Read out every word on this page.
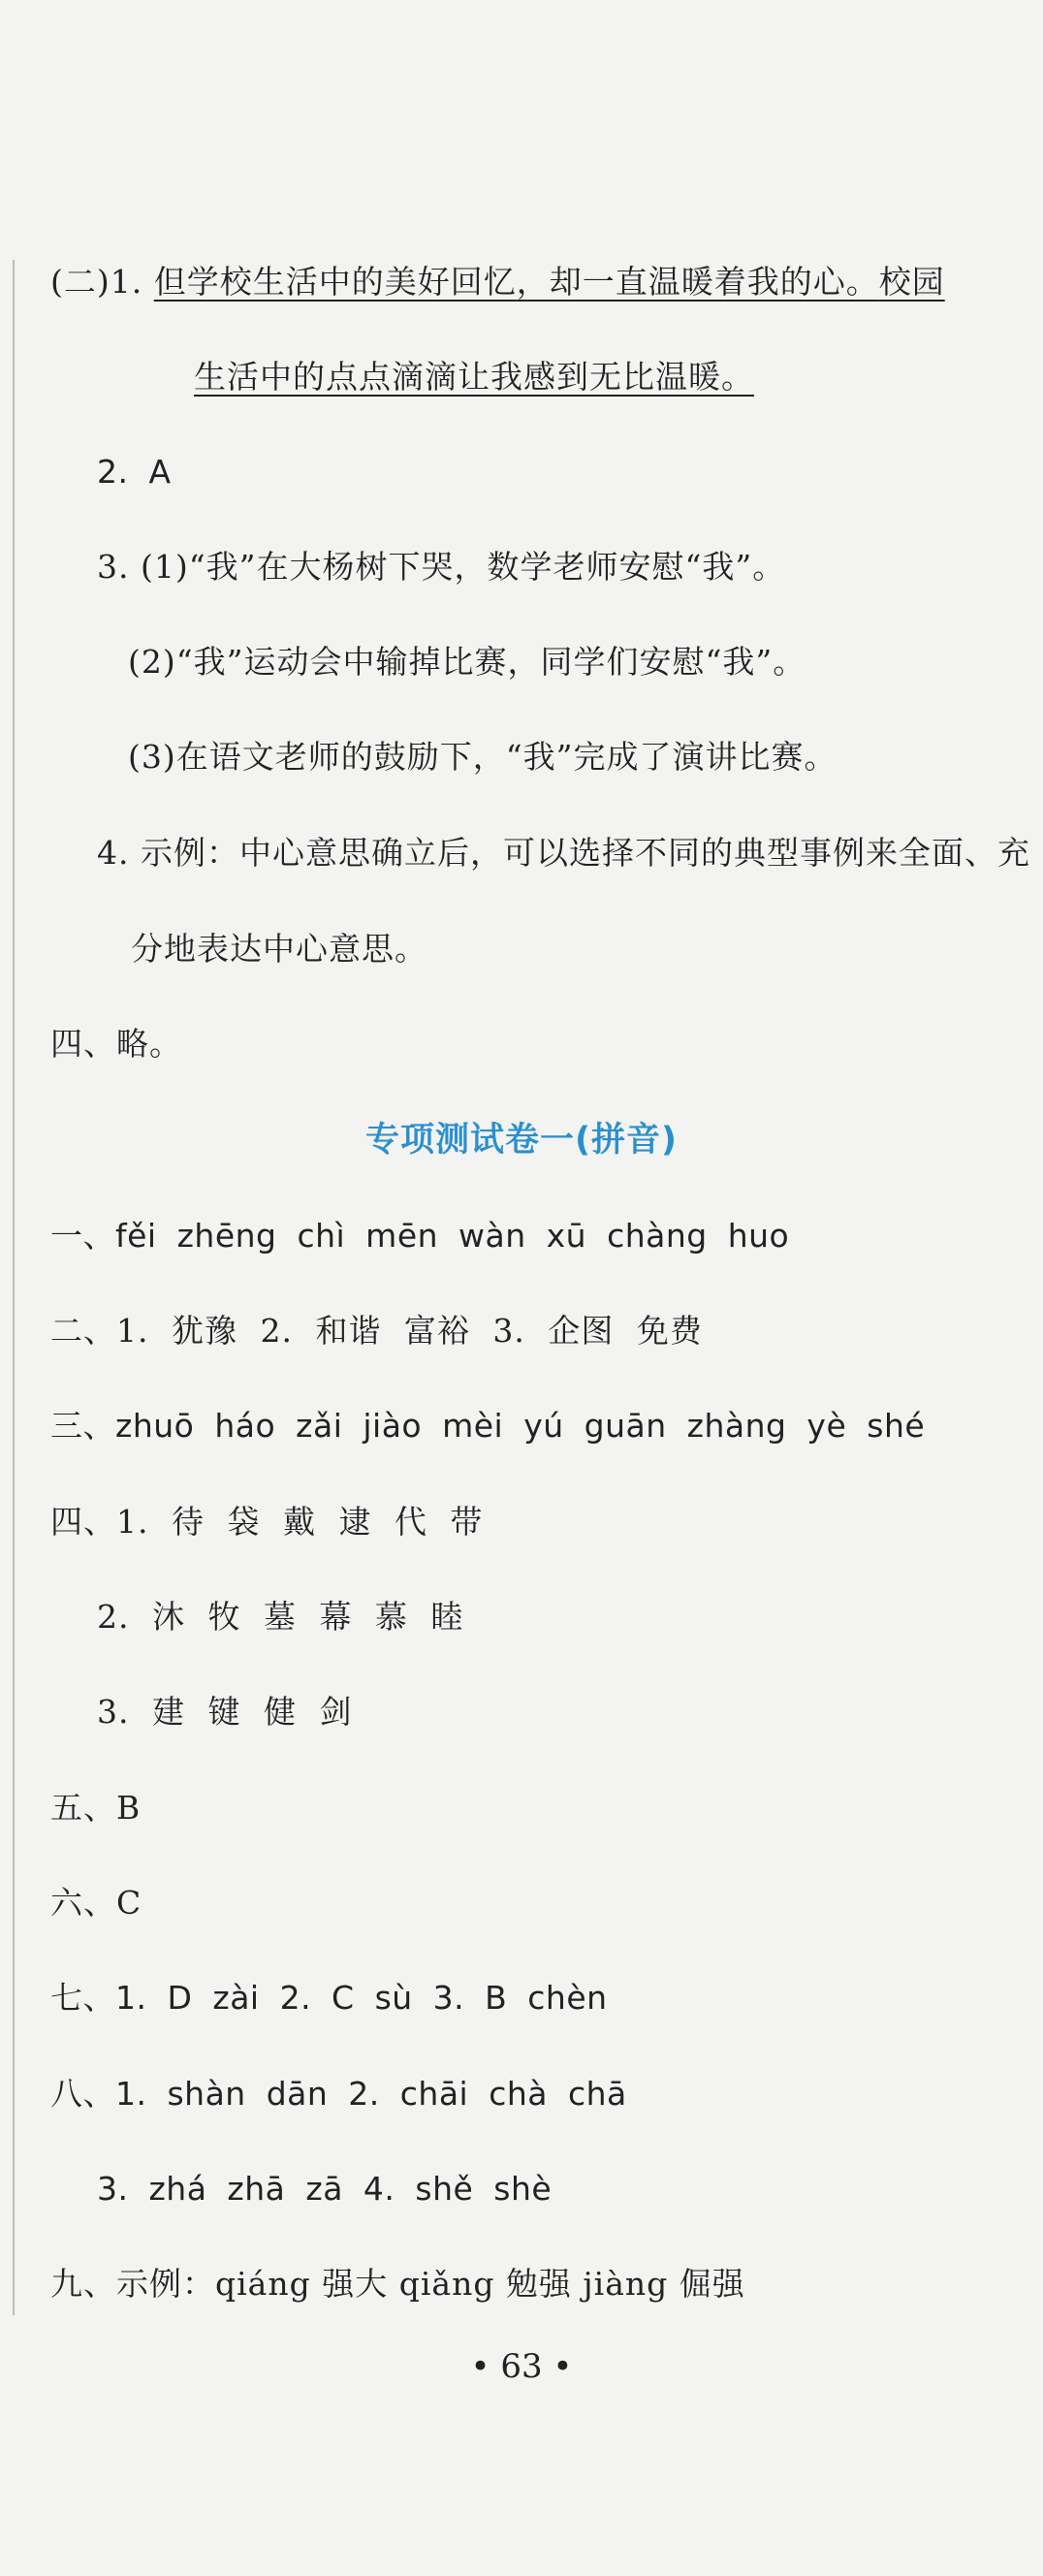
(二)1. 但学校生活中的美好回忆，却一直温暖着我的心。校园
生活中的点点滴滴让我感到无比温暖。
2. A
3. (1)“我”在大杨树下哭，数学老师安慰“我”。
(2)“我”运动会中输掉比赛，同学们安慰“我”。
(3)在语文老师的鼓励下，“我”完成了演讲比赛。
4. 示例：中心意思确立后，可以选择不同的典型事例来全面、充
分地表达中心意思。
四、略。
专项测试卷一(拼音)
一、fěi zhēng chì mēn wàn xū chàng huo
二、1. 犹豫 2. 和谐 富裕 3. 企图 免费
三、zhuō háo zǎi jiào mèi yú guān zhàng yè shé
四、1. 待 袋 戴 逮 代 带
2. 沐 牧 墓 幕 慕 睦
3. 建 键 健 剑
五、B
六、C
七、1. D zài 2. C sù 3. B chèn
八、1. shàn dān 2. chāi chà chā
3. zhá zhā zā 4. shě shè
九、示例：qiáng 强大 qiǎng 勉强 jiàng 倔强
• 63 •
